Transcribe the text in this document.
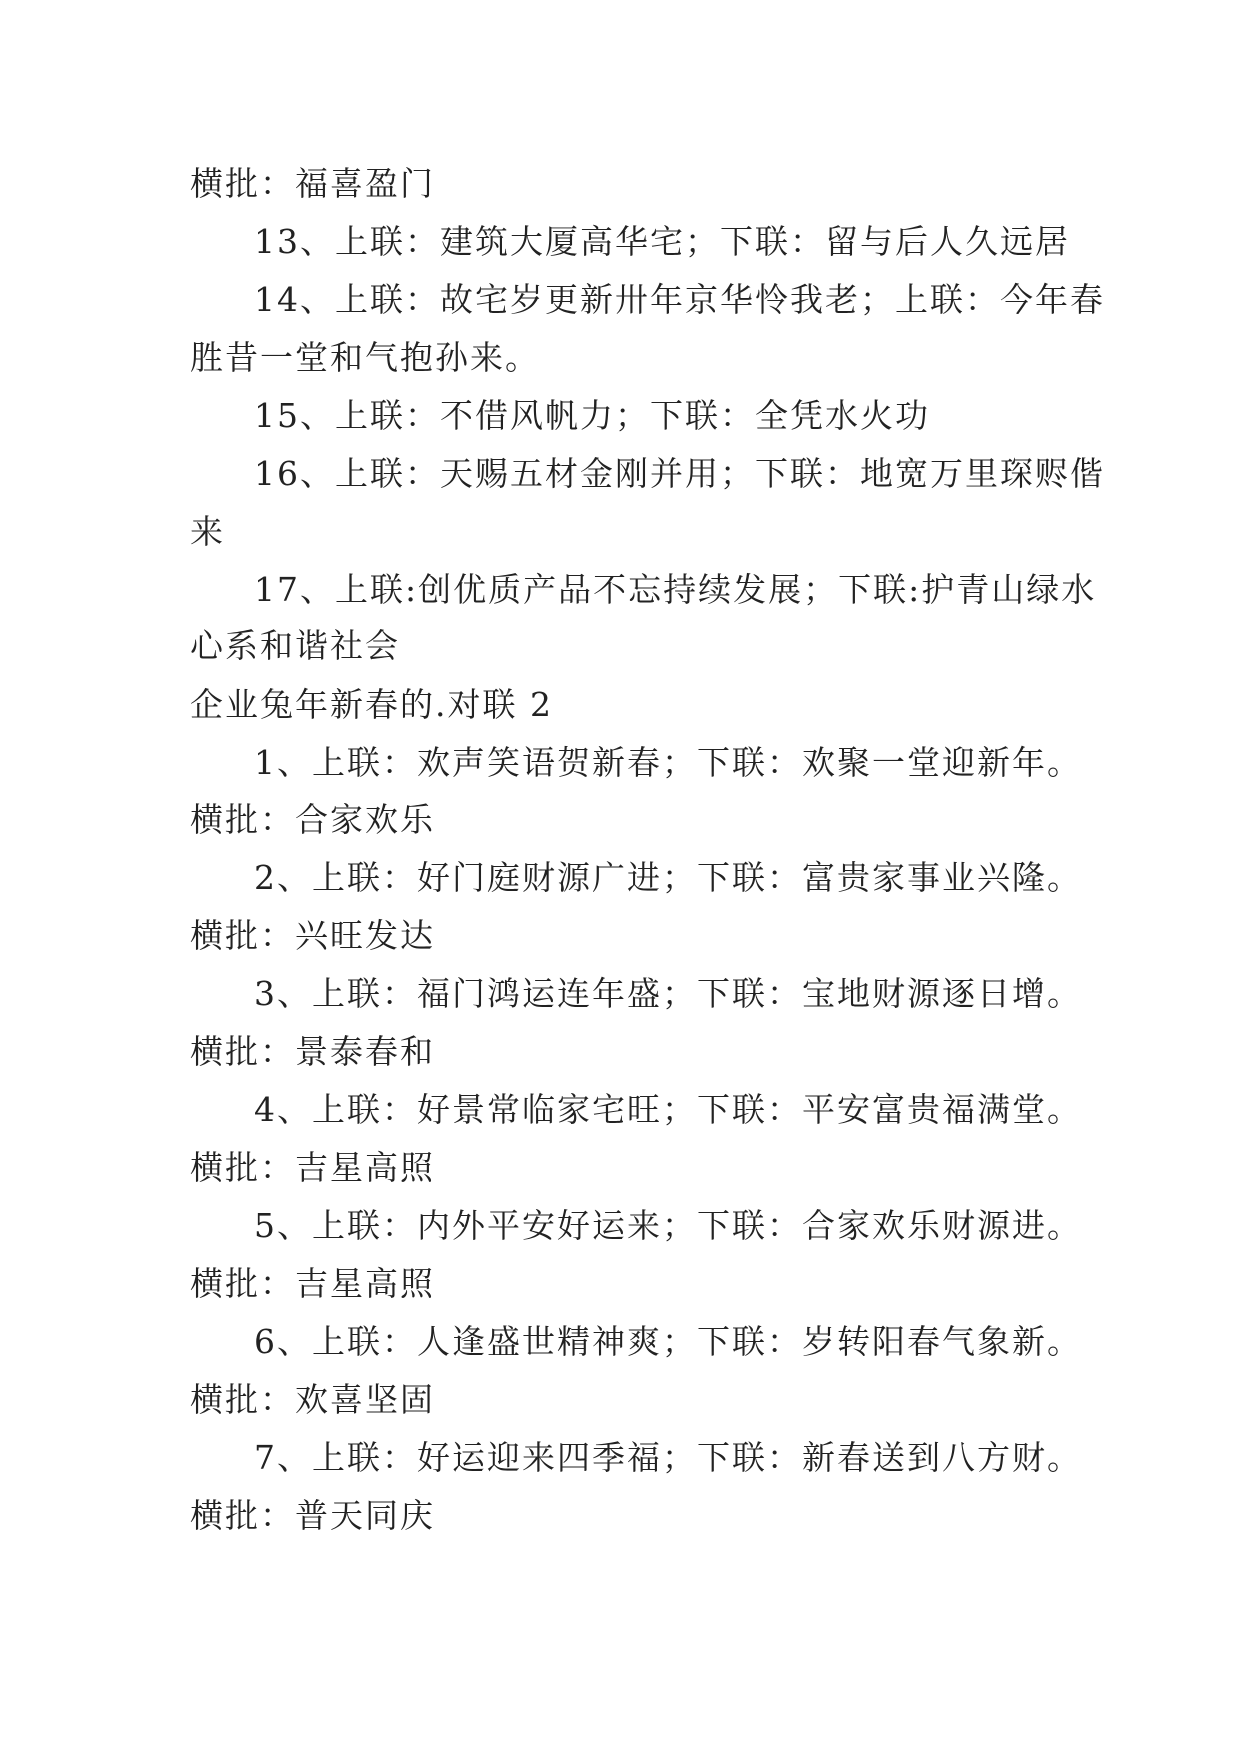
横批：福喜盈门
13、上联：建筑大厦高华宅；下联：留与后人久远居
14、上联：故宅岁更新卅年京华怜我老；上联：今年春
胜昔一堂和气抱孙来。
15、上联：不借风帆力；下联：全凭水火功
16、上联：天赐五材金刚并用；下联：地宽万里琛赆偕
来
17、上联:创优质产品不忘持续发展；下联:护青山绿水
心系和谐社会
企业兔年新春的.对联 2
1、上联：欢声笑语贺新春；下联：欢聚一堂迎新年。
横批：合家欢乐
2、上联：好门庭财源广进；下联：富贵家事业兴隆。
横批：兴旺发达
3、上联：福门鸿运连年盛；下联：宝地财源逐日增。
横批：景泰春和
4、上联：好景常临家宅旺；下联：平安富贵福满堂。
横批：吉星高照
5、上联：内外平安好运来；下联：合家欢乐财源进。
横批：吉星高照
6、上联：人逢盛世精神爽；下联：岁转阳春气象新。
横批：欢喜坚固
7、上联：好运迎来四季福；下联：新春送到八方财。
横批：普天同庆
